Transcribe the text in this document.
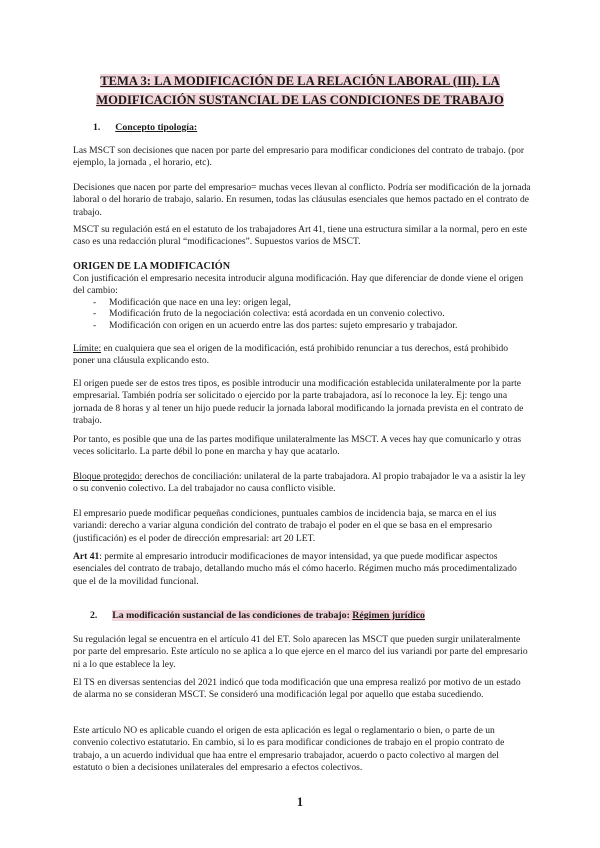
TEMA 3: LA MODIFICACIÓN DE LA RELACIÓN LABORAL (III). LA
MODIFICACIÓN SUSTANCIAL DE LAS CONDICIONES DE TRABAJO
1. Concepto tipología:

Las MSCT son decisiones que nacen por parte del empresario para modificar condiciones del contrato de trabajo. (por ejemplo, la jornada , el horario, etc).

Decisiones que nacen por parte del empresario= muchas veces llevan al conflicto. Podría ser modificación de la jornada laboral o del horario de trabajo, salario. En resumen, todas las cláusulas esenciales que hemos pactado en el contrato de trabajo.

MSCT su regulación está en el estatuto de los trabajadores Art 41, tiene una estructura similar a la normal, pero en este caso es una redacción plural “modificaciones”. Supuestos varios de MSCT.

ORIGEN DE LA MODIFICACIÓN

Con justificación el empresario necesita introducir alguna modificación. Hay que diferenciar de donde viene el origen del cambio:

- Modificación que nace en una ley: origen legal,
- Modificación fruto de la negociación colectiva: está acordada en un convenio colectivo.
- Modificación con origen en un acuerdo entre las dos partes: sujeto empresario y trabajador.

Límite: en cualquiera que sea el origen de la modificación, está prohibido renunciar a tus derechos, está prohibido poner una cláusula explicando esto.

El origen puede ser de estos tres tipos, es posible introducir una modificación establecida unilateralmente por la parte empresarial. También podría ser solicitado o ejercido por la parte trabajadora, así lo reconoce la ley. Ej: tengo una jornada de 8 horas y al tener un hijo puede reducir la jornada laboral modificando la jornada prevista en el contrato de trabajo.

Por tanto, es posible que una de las partes modifique unilateralmente las MSCT. A veces hay que comunicarlo y otras veces solicitarlo. La parte débil lo pone en marcha y hay que acatarlo.

Bloque protegido: derechos de conciliación: unilateral de la parte trabajadora. Al propio trabajador le va a asistir la ley o su convenio colectivo. La del trabajador no causa conflicto visible.

El empresario puede modificar pequeñas condiciones, puntuales cambios de incidencia baja, se marca en el ius variandi: derecho a variar alguna condición del contrato de trabajo el poder en el que se basa en el empresario (justificación) es el poder de dirección empresarial: art 20 LET.

Art 41: permite al empresario introducir modificaciones de mayor intensidad, ya que puede modificar aspectos esenciales del contrato de trabajo, detallando mucho más el cómo hacerlo. Régimen mucho más procedimentalizado que el de la movilidad funcional.

2. La modificación sustancial de las condiciones de trabajo: Régimen jurídico

Su regulación legal se encuentra en el artículo 41 del ET. Solo aparecen las MSCT que pueden surgir unilateralmente por parte del empresario. Este artículo no se aplica a lo que ejerce en el marco del ius variandi por parte del empresario ni a lo que establece la ley.

El TS en diversas sentencias del 2021 indicó que toda modificación que una empresa realizó por motivo de un estado de alarma no se consideran MSCT. Se consideró una modificación legal por aquello que estaba sucediendo.

Este artículo NO es aplicable cuando el origen de esta aplicación es legal o reglamentario o bien, o parte de un convenio colectivo estatutario. En cambio, si lo es para modificar condiciones de trabajo en el propio contrato de trabajo, a un acuerdo individual que haa entre el empresario trabajador, acuerdo o pacto colectivo al margen del estatuto o bien a decisiones unilaterales del empresario a efectos colectivos.

1
